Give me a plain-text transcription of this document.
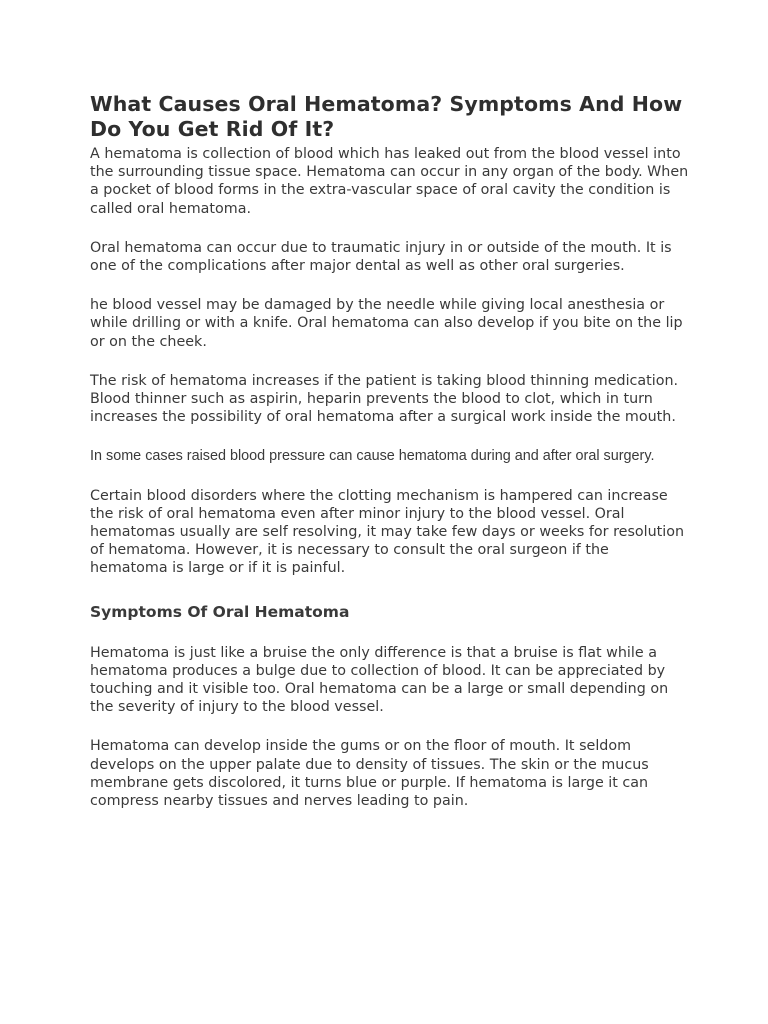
What Causes Oral Hematoma? Symptoms And How Do You Get Rid Of It?

A hematoma is collection of blood which has leaked out from the blood vessel into the surrounding tissue space. Hematoma can occur in any organ of the body. When a pocket of blood forms in the extra-vascular space of oral cavity the condition is called oral hematoma.

Oral hematoma can occur due to traumatic injury in or outside of the mouth. It is one of the complications after major dental as well as other oral surgeries.

he blood vessel may be damaged by the needle while giving local anesthesia or while drilling or with a knife. Oral hematoma can also develop if you bite on the lip or on the cheek.

The risk of hematoma increases if the patient is taking blood thinning medication. Blood thinner such as aspirin, heparin prevents the blood to clot, which in turn increases the possibility of oral hematoma after a surgical work inside the mouth.

In some cases raised blood pressure can cause hematoma during and after oral surgery.

Certain blood disorders where the clotting mechanism is hampered can increase the risk of oral hematoma even after minor injury to the blood vessel. Oral hematomas usually are self resolving, it may take few days or weeks for resolution of hematoma. However, it is necessary to consult the oral surgeon if the hematoma is large or if it is painful.

Symptoms Of Oral Hematoma

Hematoma is just like a bruise the only difference is that a bruise is flat while a hematoma produces a bulge due to collection of blood. It can be appreciated by touching and it visible too. Oral hematoma can be a large or small depending on the severity of injury to the blood vessel.

Hematoma can develop inside the gums or on the floor of mouth. It seldom develops on the upper palate due to density of tissues. The skin or the mucus membrane gets discolored, it turns blue or purple. If hematoma is large it can compress nearby tissues and nerves leading to pain.
